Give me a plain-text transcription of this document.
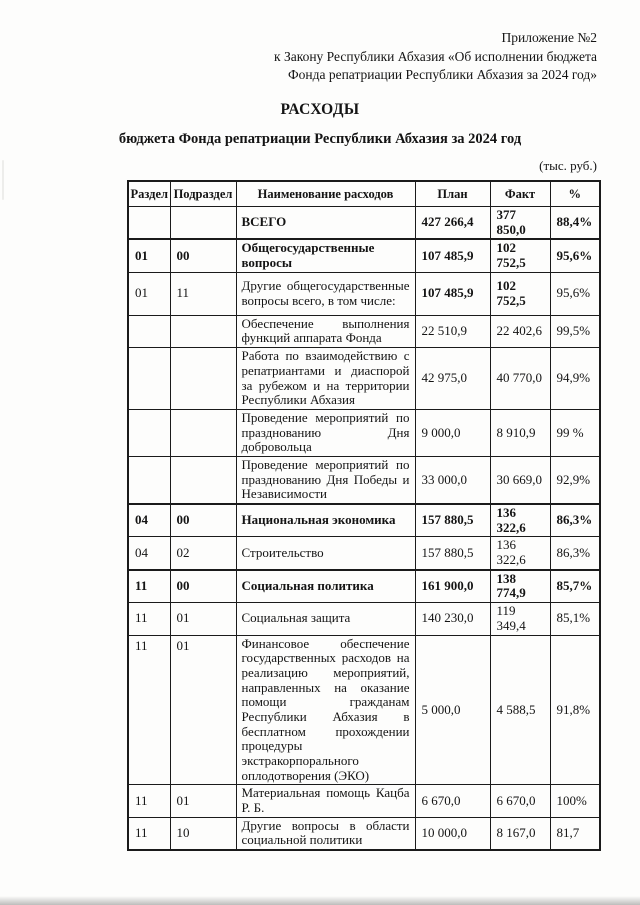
Приложение №2
к Закону Республики Абхазия «Об исполнении бюджета
Фонда репатриации Республики Абхазия за 2024 год»
РАСХОДЫ
бюджета Фонда репатриации Республики Абхазия за 2024 год
(тыс. руб.)
Раздел	Подраздел	Наименование расходов	План	Факт	%
		ВСЕГО	427 266,4	377 850,0	88,4%
01	00	Общегосударственные вопросы	107 485,9	102 752,5	95,6%
01	11	Другие общегосударственные вопросы всего, в том числе:	107 485,9	102 752,5	95,6%
		Обеспечение выполнения функций аппарата Фонда	22 510,9	22 402,6	99,5%
		Работа по взаимодействию с репатриантами и диаспорой за рубежом и на территории Республики Абхазия	42 975,0	40 770,0	94,9%
		Проведение мероприятий по празднованию Дня добровольца	9 000,0	8 910,9	99 %
		Проведение мероприятий по празднованию Дня Победы и Независимости	33 000,0	30 669,0	92,9%
04	00	Национальная экономика	157 880,5	136 322,6	86,3%
04	02	Строительство	157 880,5	136 322,6	86,3%
11	00	Социальная политика	161 900,0	138 774,9	85,7%
11	01	Социальная защита	140 230,0	119 349,4	85,1%
11	01	Финансовое обеспечение государственных расходов на реализацию мероприятий, направленных на оказание помощи гражданам Республики Абхазия в бесплатном прохождении процедуры экстракорпорального оплодотворения (ЭКО)	5 000,0	4 588,5	91,8%
11	01	Материальная помощь Кацба Р. Б.	6 670,0	6 670,0	100%
11	10	Другие вопросы в области социальной политики	10 000,0	8 167,0	81,7
